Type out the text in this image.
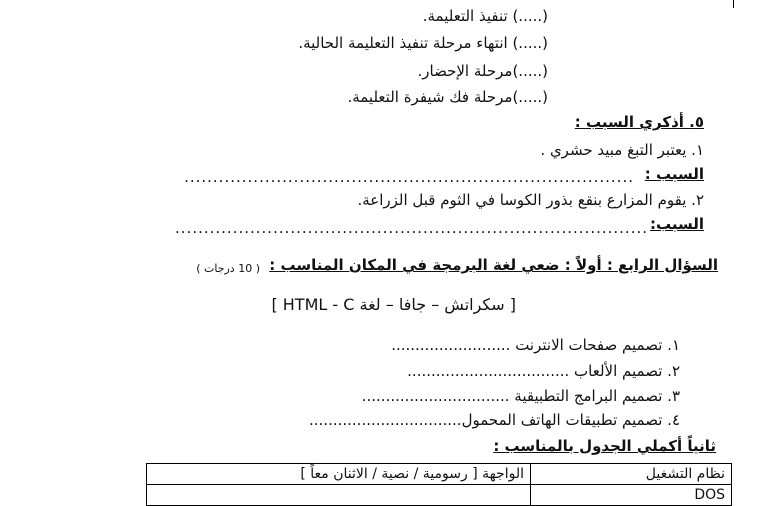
(.....) تنفيذ التعليمة.
(.....) انتهاء مرحلة تنفيذ التعليمة الحالية.
(.....)مرحلة الإحضار.
(.....)مرحلة فك شيفرة التعليمة.
٥. أذكري السبب :
١. يعتبر التبغ مبيد حشري .
السبب :
..............................................................................
٢. يقوم المزارع بنقع بذور الكوسا في الثوم قبل الزراعة.
السبب:
..................................................................................
السؤال الرابع : أولاً : ضعي لغة البرمجة في المكان المناسب :
( 10 درجات )
[ سكراتش – جافا – لغة HTML - C ]
١. تصميم صفحات الانترنت .........................
٢. تصميم الألعاب ..................................
٣. تصميم البرامج التطبيقية ...............................
٤. تصميم تطبيقات الهاتف المحمول................................
ثانياً أكملي الجدول بالمناسب :
نظام التشغيل	الواجهة [ رسومية / نصية / الاثنان معاً ]
DOS	
